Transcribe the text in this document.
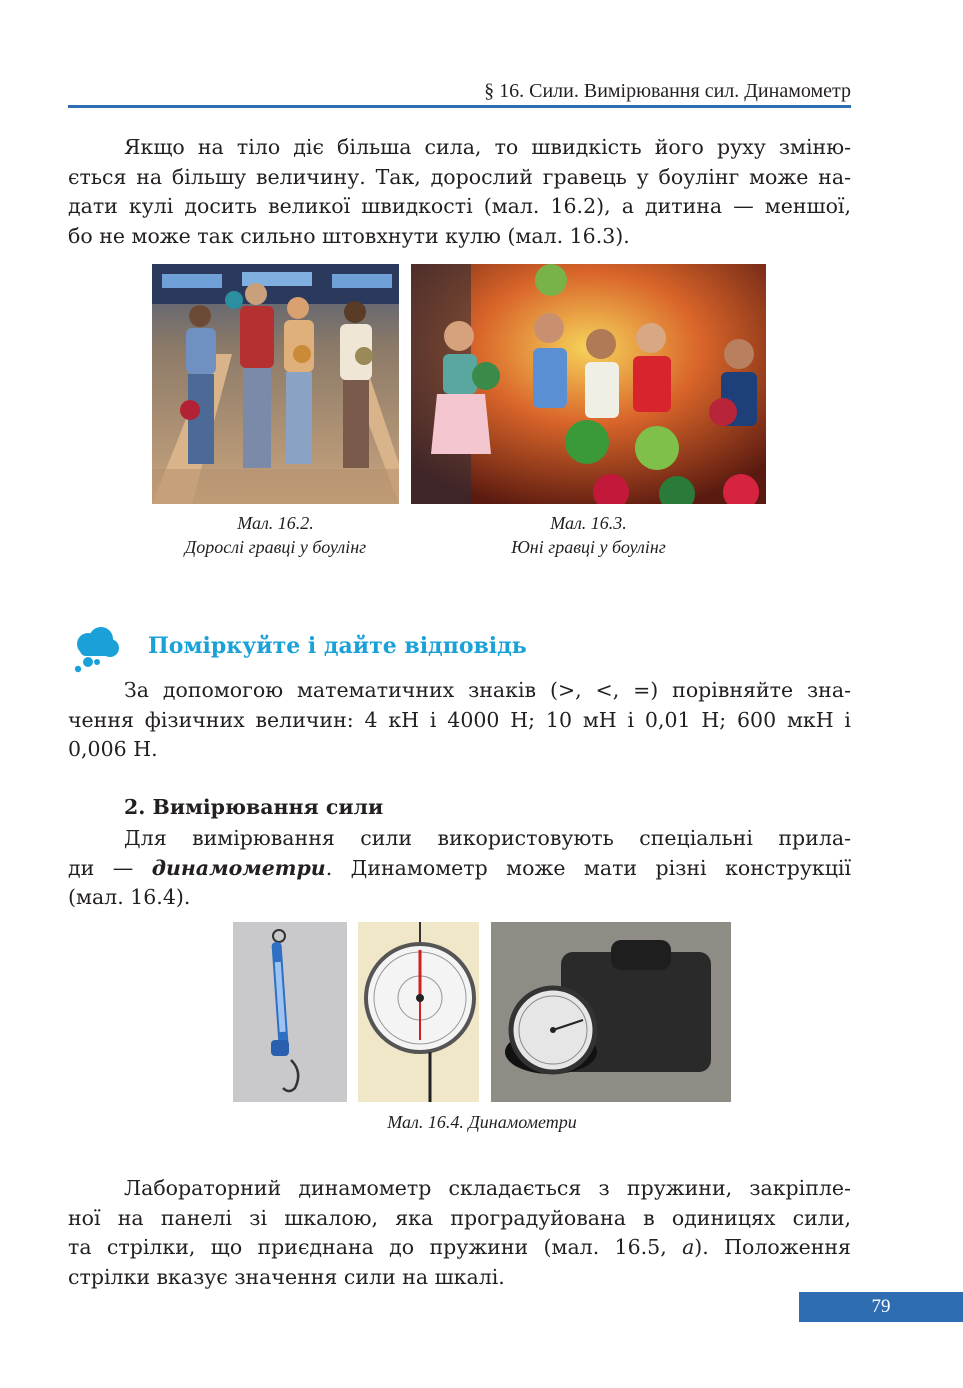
§ 16. Сили. Вимірювання сил. Динамометр
Якщо на тіло діє більша сила, то швидкість його руху зміню-
ється на більшу величину. Так, дорослий гравець у боулінг може на-
дати кулі досить великої швидкості (мал. 16.2), а дитина — меншої,
бо не може так сильно штовхнути кулю (мал. 16.3).
Мал. 16.2.
Дорослі гравці у боулінг
Мал. 16.3.
Юні гравці у боулінг
Поміркуйте і дайте відповідь
За допомогою математичних знаків (>, <, =) порівняйте зна-
чення фізичних величин: 4 кН і 4000 Н; 10 мН і 0,01 Н; 600 мкН і
0,006 Н.
2. Вимірювання сили
Для вимірювання сили використовують спеціальні прила-
ди — динамометри. Динамометр може мати різні конструкції
(мал. 16.4).
Мал. 16.4. Динамометри
Лабораторний динамометр складається з пружини, закріпле-
ної на панелі зі шкалою, яка проградуйована в одиницях сили,
та стрілки, що приєднана до пружини (мал. 16.5, а). Положення
стрілки вказує значення сили на шкалі.
79
